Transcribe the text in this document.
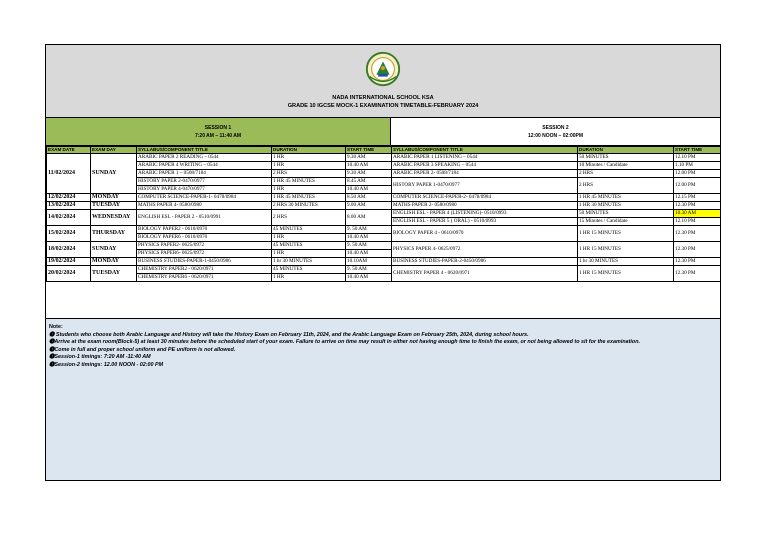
NADA INTERNATIONAL SCHOOL KSA
GRADE 10 IGCSE MOCK-1 EXAMINATION TIMETABLE-FEBRUARY 2024
SESSION 1
7:20 AM – 11:40 AM
SESSION 2
12:00 NOON – 02:00PM
EXAM DATE	EXAM DAY	SYLLABUS/COMPONENT TITLE	DURATION	START TIME	SYLLABUS/COMPONENT TITLE	DURATION	START TIME
11/02/2024	SUNDAY	ARABIC PAPER 2 READING – 0544	1 HR	9.30 AM	ARABIC PAPER 1 LISTENING – 0544	50 MINUTES	12.10 PM
		ARABIC PAPER 4 WRITING – 0544	1 HR	10.40 AM	ARABIC PAPER 3 SPEAKING – 0544	10 Minutes / Candidate	1.10 PM
		ARABIC PAPER 1 – 0508/7184	2 HRS	9.30 AM	ARABIC PAPER 2- 0508/7184	2 HRS	12.00 PM
		HISTORY PAPER 2-0470/0977	1 HR 45 MINUTES	8.45 AM	HISTORY PAPER 1-0470/0977	2 HRS	12.00 PM
		HISTORY PAPER 4-0470/0977	1 HR	10.40 AM			
12/02/2024	MONDAY	COMPUTER SCIENCE-PAPER-1- 0478/0984	1 HR 45 MINUTES	8.50 AM	COMPUTER SCIENCE-PAPER-2- 0478/0984	1 HR 45 MINUTES	12.15 PM
13/02/2024	TUESDAY	MATHS PAPER 4- 0580/0980	2 HRS 30 MINUTES	9.00 AM	MATHS PAPER 2- 0580/0980	1 HR 30 MINUTES	12.30 PM
14/02/2024	WEDNESDAY	ENGLISH ESL - PAPER 2 - 0510/0991	2 HRS	8.00 AM	ENGLISH ESL - PAPER 4 (LISTENING)- 0510/0993	50 MINUTES	10.30 AM
					ENGLISH ESL - PAPER 5 ( ORAL) - 0510/0993	15 Minutes / Candidate	12.10 PM
15/02/2024	THURSDAY	BIOLOGY PAPER2 - 0610/0970	45 MINUTES	9. 50 AM	BIOLOGY PAPER 4 - 0610/0970	1 HR 15 MINUTES	12.30 PM
		BIOLOGY PAPER6 - 0610/0970	1 HR	10.40 AM			
18/02/2024	SUNDAY	PHYSICS PAPER2- 0625/0972	45 MINUTES	9. 50 AM	PHYSICS PAPER 4- 0625/0972	1 HR 15 MINUTES	12.30 PM
		PHYSICS PAPER6- 0625/0972	1 HR	10.40 AM			
19/02/2024	MONDAY	BUSINESS STUDIES-PAPER-1-0450/0986	1 hr 30 MINUTES	10.10AM	BUSINESS STUDIES-PAPER-2-0450/0986	1 hr 30 MINUTES	12.30 PM
20/02/2024	TUESDAY	CHEMISTRY PAPER2 - 0620/0971	45 MINUTES	9. 50 AM	CHEMISTRY PAPER 4 - 0620/0971	1 HR 15 MINUTES	12.30 PM
		CHEMISTRY PAPER6 - 0620/0971	1 HR	10.40 AM			
Note:
🅐 Students who choose both Arabic Language and History will take the History Exam on February 11th, 2024, and the Arabic Language Exam on February 25th, 2024, during school hours.
🅐Arrive at the exam room(Block-5) at least 30 minutes before the scheduled start of your exam. Failure to arrive on time may result in either not having enough time to finish the exam, or not being allowed to sit for the examination.
🅐Come in full and proper school uniform and PE uniform is not allowed.
🅐Session-1 timings: 7:20 AM -11:40 AM
🅐Session-2 timings: 12.00 NOON - 02:00 PM
